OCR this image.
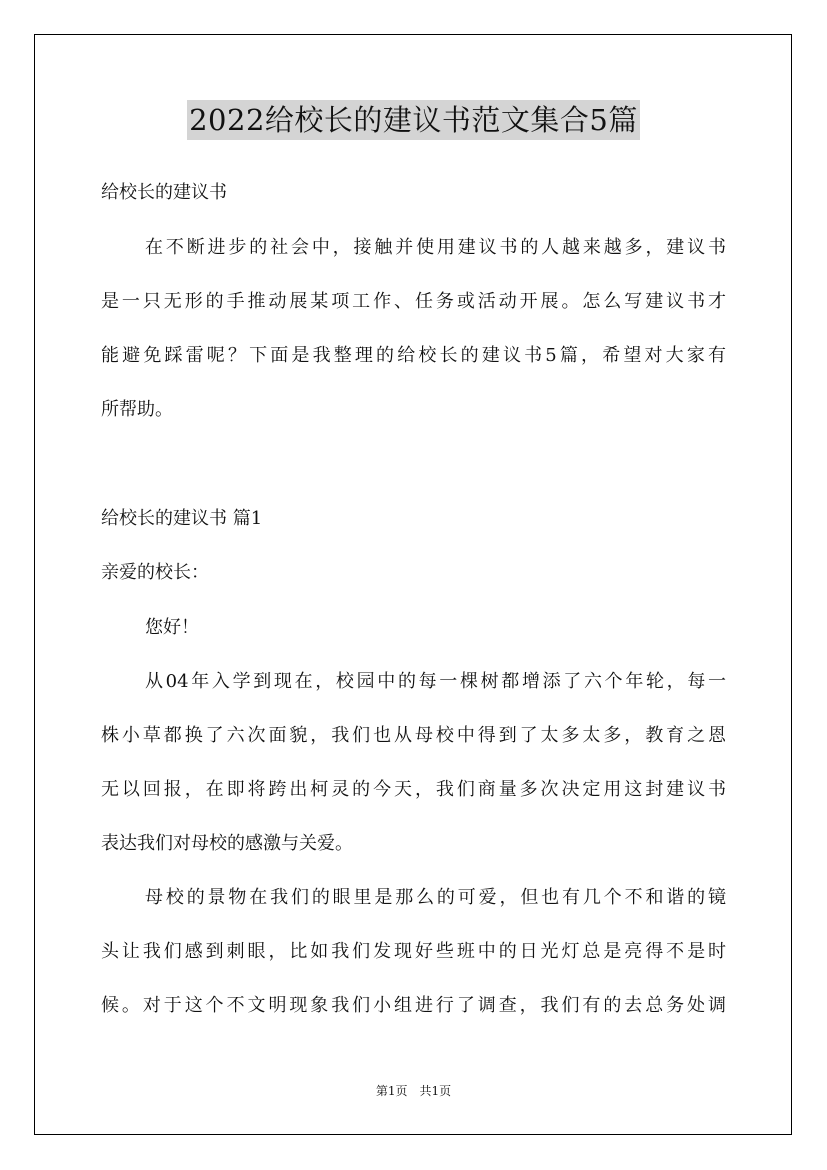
2022给校长的建议书范文集合5篇
给校长的建议书
在不断进步的社会中，接触并使用建议书的人越来越多，建议书
是一只无形的手推动展某项工作、任务或活动开展。怎么写建议书才
能避免踩雷呢？下面是我整理的给校长的建议书5篇，希望对大家有
所帮助。
给校长的建议书 篇1
亲爱的校长：
您好！
从04年入学到现在，校园中的每一棵树都增添了六个年轮，每一
株小草都换了六次面貌，我们也从母校中得到了太多太多，教育之恩
无以回报，在即将跨出柯灵的今天，我们商量多次决定用这封建议书
表达我们对母校的感激与关爱。
母校的景物在我们的眼里是那么的可爱，但也有几个不和谐的镜
头让我们感到刺眼，比如我们发现好些班中的日光灯总是亮得不是时
候。对于这个不文明现象我们小组进行了调查，我们有的去总务处调
第1页　共1页
